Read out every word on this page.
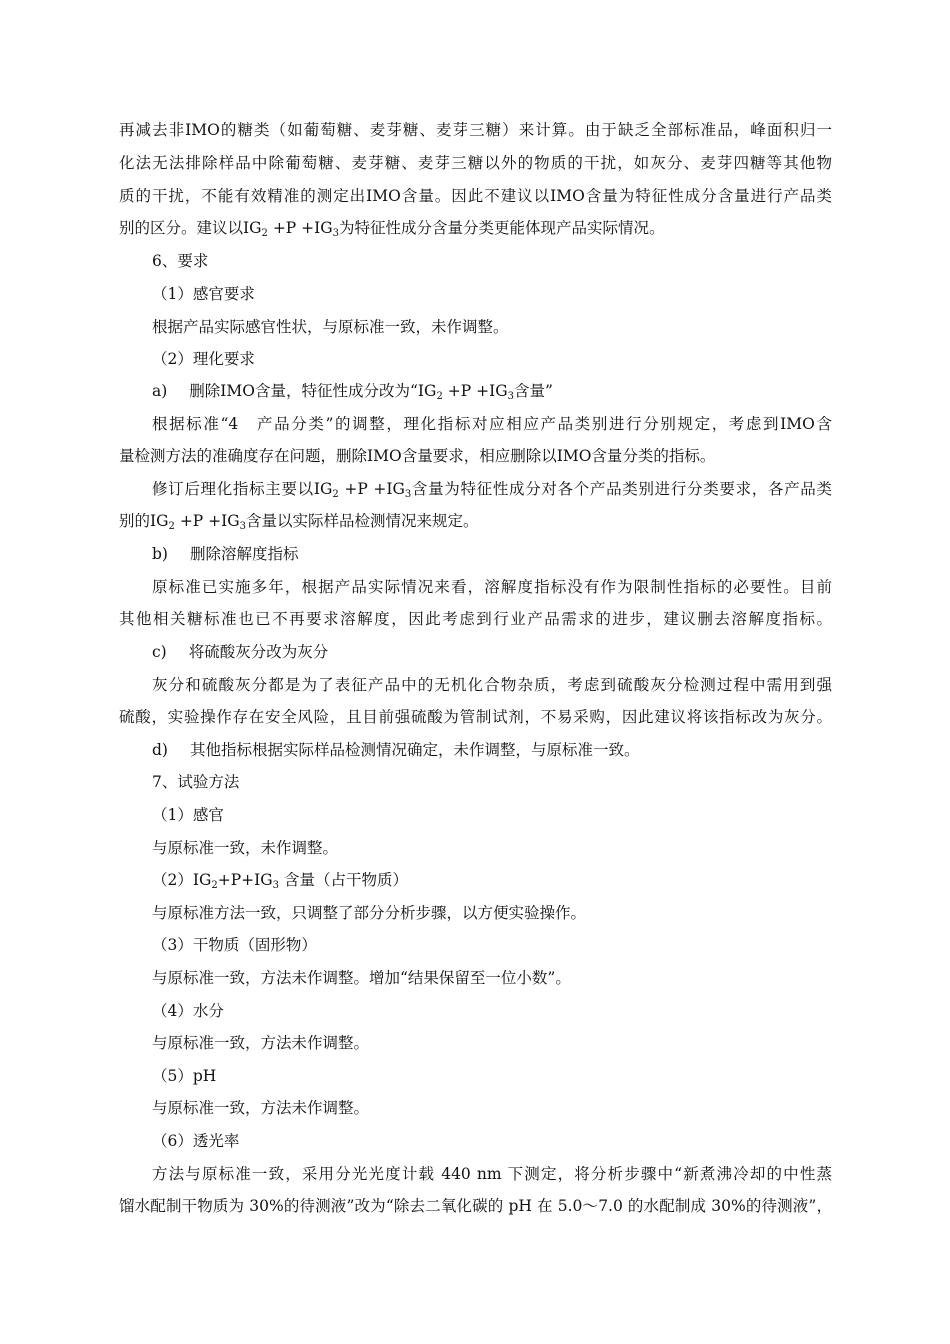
再减去非IMO的糖类（如葡萄糖、麦芽糖、麦芽三糖）来计算。由于缺乏全部标准品，峰面积归一
化法无法排除样品中除葡萄糖、麦芽糖、麦芽三糖以外的物质的干扰，如灰分、麦芽四糖等其他物
质的干扰，不能有效精准的测定出IMO含量。因此不建议以IMO含量为特征性成分含量进行产品类
别的区分。建议以$IG_2 +P +IG_3$为特征性成分含量分类更能体现产品实际情况。
6、要求
（1）感官要求
根据产品实际感官性状，与原标准一致，未作调整。
（2）理化要求
a) 删除IMO含量，特征性成分改为“$IG_2 +P +IG_3$含量”
根据标准“4　产品分类”的调整，理化指标对应相应产品类别进行分别规定，考虑到IMO含
量检测方法的准确度存在问题，删除IMO含量要求，相应删除以IMO含量分类的指标。
修订后理化指标主要以$IG_2 +P +IG_3$含量为特征性成分对各个产品类别进行分类要求，各产品类
别的$IG_2 +P +IG_3$含量以实际样品检测情况来规定。
b) 删除溶解度指标
原标准已实施多年，根据产品实际情况来看，溶解度指标没有作为限制性指标的必要性。目前
其他相关糖标准也已不再要求溶解度，因此考虑到行业产品需求的进步，建议删去溶解度指标。
c) 将硫酸灰分改为灰分
灰分和硫酸灰分都是为了表征产品中的无机化合物杂质，考虑到硫酸灰分检测过程中需用到强
硫酸，实验操作存在安全风险，且目前强硫酸为管制试剂，不易采购，因此建议将该指标改为灰分。
d) 其他指标根据实际样品检测情况确定，未作调整，与原标准一致。
7、试验方法
（1）感官
与原标准一致，未作调整。
$(2)IG_2+P+IG_3$ 含量（占干物质）
与原标准方法一致，只调整了部分分析步骤，以方便实验操作。
（3）干物质（固形物）
与原标准一致，方法未作调整。增加“结果保留至一位小数”。
（4）水分
与原标准一致，方法未作调整。
（5）pH
与原标准一致，方法未作调整。
（6）透光率
方法与原标准一致，采用分光光度计载 440 nm 下测定，将分析步骤中“新煮沸冷却的中性蒸
馏水配制干物质为 30%的待测液”改为“除去二氧化碳的 pH 在 5.0～7.0 的水配制成 30%的待测液”，
